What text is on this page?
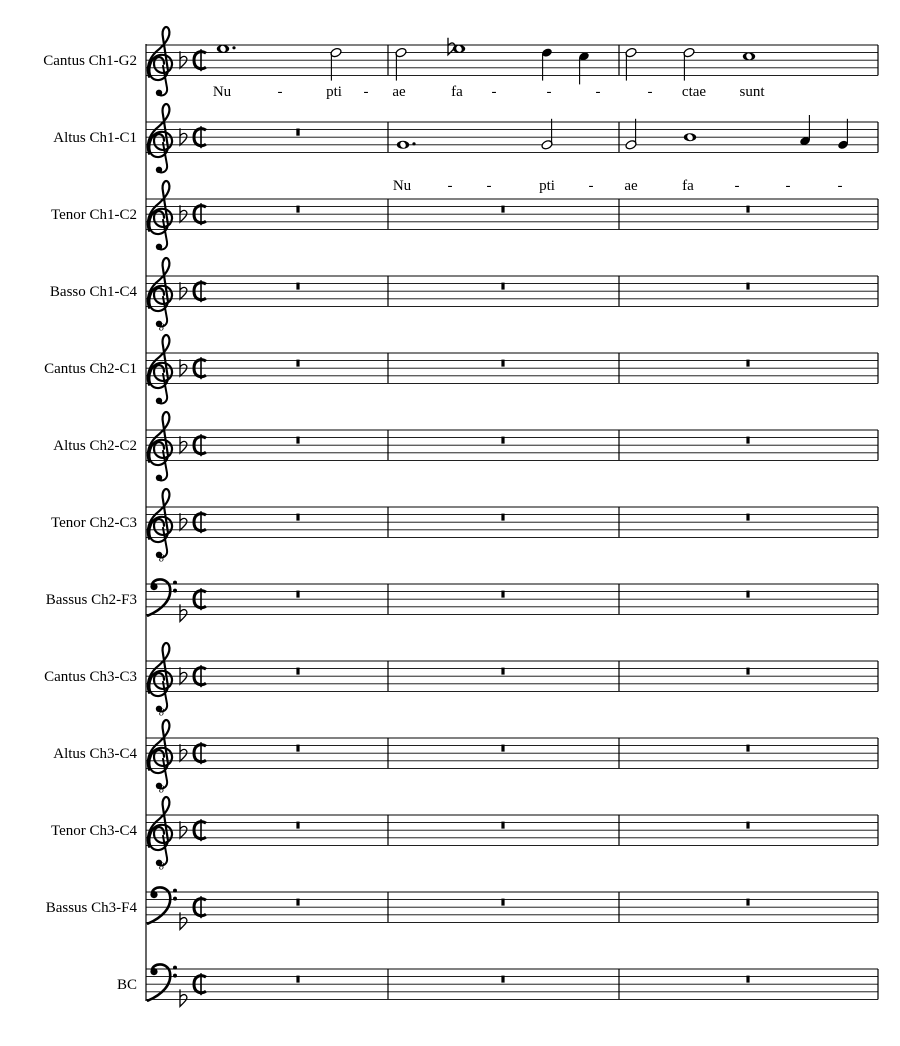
Cantus Ch1-G2
Altus Ch1-C1
Tenor Ch1-C2
Basso Ch1-C4
8
Cantus Ch2-C1
Altus Ch2-C2
Tenor Ch2-C3
8
Bassus Ch2-F3
Cantus Ch3-C3
8
Altus Ch3-C4
8
Tenor Ch3-C4
8
Bassus Ch3-F4
BC
Nu	-	pti - ae	fa -	-	-	- ctae sunt
Nu - -	pti - ae	fa	-	-	-
